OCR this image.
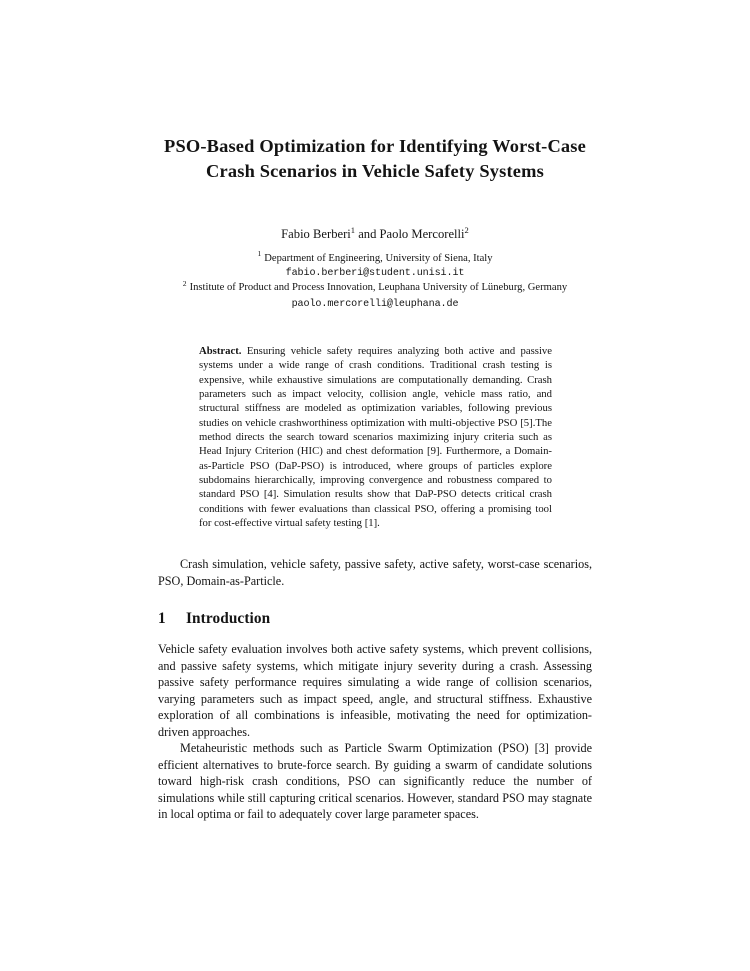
PSO-Based Optimization for Identifying Worst-Case Crash Scenarios in Vehicle Safety Systems
Fabio Berberi$^1$ and Paolo Mercorelli$^2$
$^1$ Department of Engineering, University of Siena, Italy
fabio.berberi@student.unisi.it
$^2$ Institute of Product and Process Innovation, Leuphana University of Lüneburg, Germany paolo.mercorelli@leuphana.de
Abstract. Ensuring vehicle safety requires analyzing both active and passive systems under a wide range of crash conditions. Traditional crash testing is expensive, while exhaustive simulations are computationally demanding. Crash parameters such as impact velocity, collision angle, vehicle mass ratio, and structural stiffness are modeled as optimization variables, following previous studies on vehicle crashworthiness optimization with multi-objective PSO [5].The method directs the search toward scenarios maximizing injury criteria such as Head Injury Criterion (HIC) and chest deformation [9]. Furthermore, a Domain-as-Particle PSO (DaP-PSO) is introduced, where groups of particles explore subdomains hierarchically, improving convergence and robustness compared to standard PSO [4]. Simulation results show that DaP-PSO detects critical crash conditions with fewer evaluations than classical PSO, offering a promising tool for cost-effective virtual safety testing [1].
Crash simulation, vehicle safety, passive safety, active safety, worst-case scenarios, PSO, Domain-as-Particle.
1 Introduction

Vehicle safety evaluation involves both active safety systems, which prevent collisions, and passive safety systems, which mitigate injury severity during a crash. Assessing passive safety performance requires simulating a wide range of collision scenarios, varying parameters such as impact speed, angle, and structural stiffness. Exhaustive exploration of all combinations is infeasible, motivating the need for optimization-driven approaches.

Metaheuristic methods such as Particle Swarm Optimization (PSO) [3] provide efficient alternatives to brute-force search. By guiding a swarm of candidate solutions toward high-risk crash conditions, PSO can significantly reduce the number of simulations while still capturing critical scenarios. However, standard PSO may stagnate in local optima or fail to adequately cover large parameter spaces.
